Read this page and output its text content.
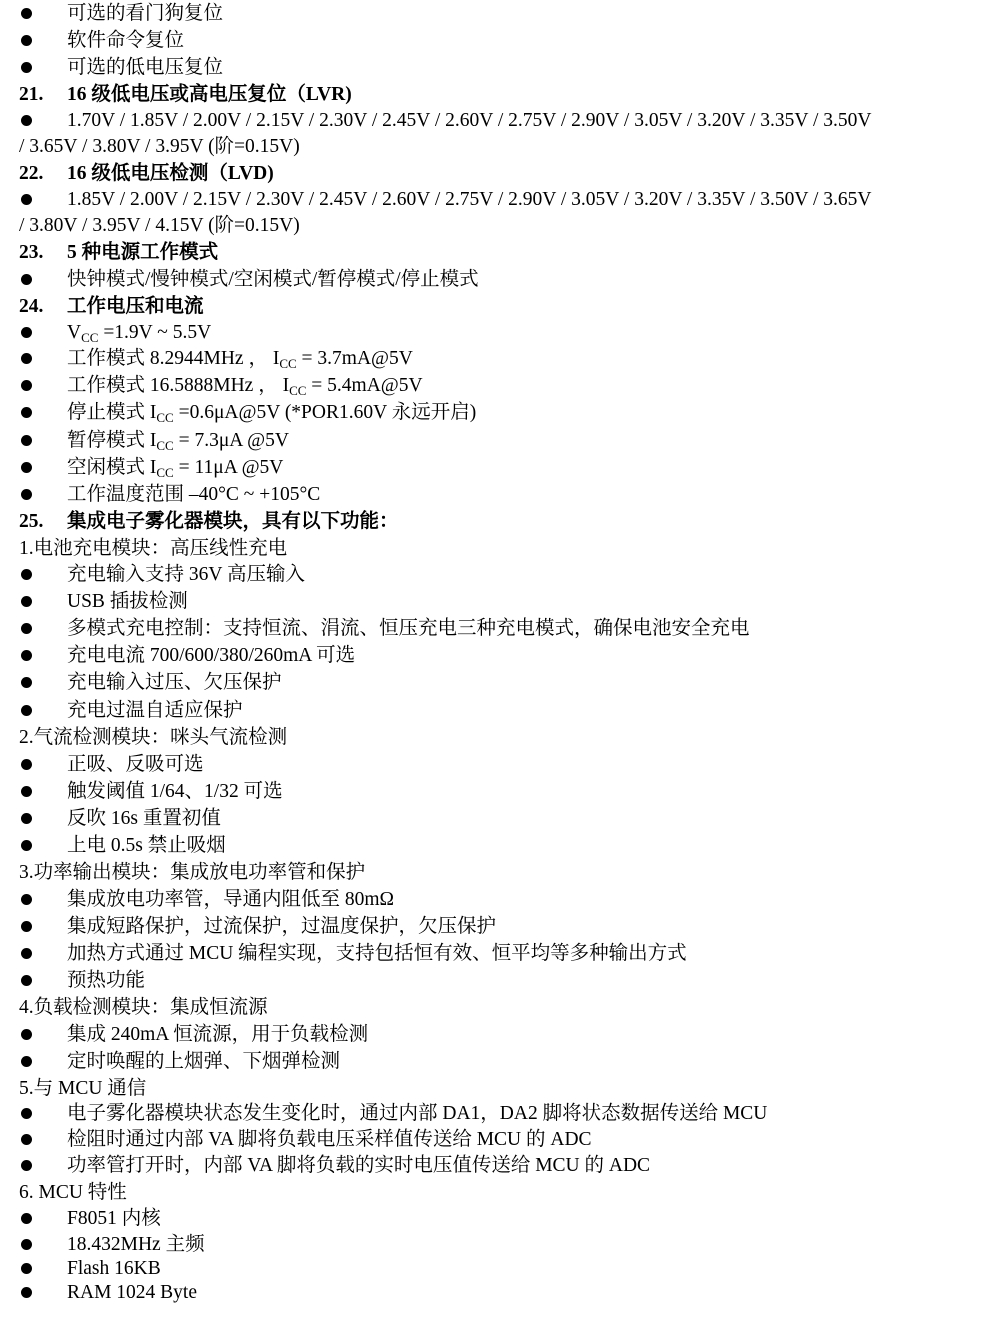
可选的看门狗复位
软件命令复位
可选的低电压复位
21. 16 级低电压或高电压复位（LVR)
1.70V / 1.85V / 2.00V / 2.15V / 2.30V / 2.45V / 2.60V / 2.75V / 2.90V / 3.05V / 3.20V / 3.35V / 3.50V
/ 3.65V / 3.80V / 3.95V (阶=0.15V)
22. 16 级低电压检测（LVD)
1.85V / 2.00V / 2.15V / 2.30V / 2.45V / 2.60V / 2.75V / 2.90V / 3.05V / 3.20V / 3.35V / 3.50V / 3.65V
/ 3.80V / 3.95V / 4.15V (阶=0.15V)
23. 5 种电源工作模式
快钟模式/慢钟模式/空闲模式/暂停模式/停止模式
24. 工作电压和电流
$V_{CC} =1.9V$ ~ 5.5V
工作模式 8.2944MHz ， $I_{CC}$ = 3.7mA@5V
工作模式 16.5888MHz ， $I_{CC}$ = 5.4mA@5V
停止模式 $I_{CC}$ =0.6μA@5V (*POR1.60V 永远开启)
暂停模式 $I_{CC} = 7.3\mu A$ @5V
空闲模式 $I_{CC} = 11\mu A$ @5V
工作温度范围 –40°C ~ +105°C
25. 集成电子雾化器模块，具有以下功能：
1.电池充电模块：高压线性充电
充电输入支持 36V 高压输入
USB 插拔检测
多模式充电控制：支持恒流、涓流、恒压充电三种充电模式，确保电池安全充电
充电电流 700/600/380/260mA 可选
充电输入过压、欠压保护
充电过温自适应保护
2.气流检测模块：咪头气流检测
正吸、反吸可选
触发阈值 1/64、1/32 可选
反吹 16s 重置初值
上电 0.5s 禁止吸烟
3.功率输出模块：集成放电功率管和保护
集成放电功率管，导通内阻低至 80mΩ
集成短路保护，过流保护，过温度保护，欠压保护
加热方式通过 MCU 编程实现，支持包括恒有效、恒平均等多种输出方式
预热功能
4.负载检测模块：集成恒流源
集成 240mA 恒流源，用于负载检测
定时唤醒的上烟弹、下烟弹检测
5.与 MCU 通信
电子雾化器模块状态发生变化时，通过内部 DA1，DA2 脚将状态数据传送给 MCU
检阻时通过内部 VA 脚将负载电压采样值传送给 MCU 的 ADC
功率管打开时，内部 VA 脚将负载的实时电压值传送给 MCU 的 ADC
6. MCU 特性
F8051 内核
18.432MHz 主频
Flash 16KB
RAM 1024 Byte
